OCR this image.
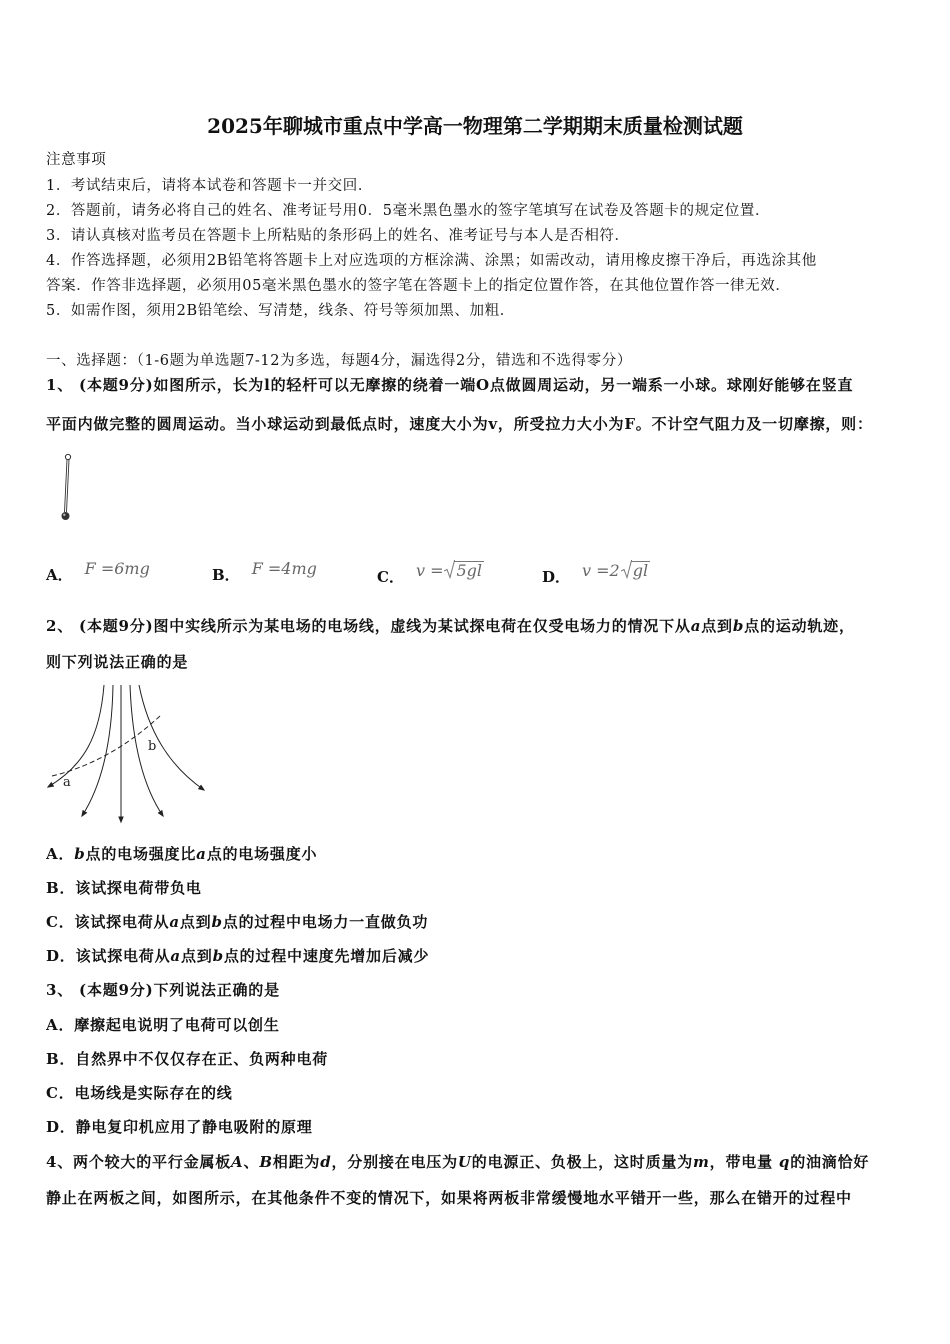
2025年聊城市重点中学高一物理第二学期期末质量检测试题
注意事项
1．考试结束后，请将本试卷和答题卡一并交回．
2．答题前，请务必将自己的姓名、准考证号用0．5毫米黑色墨水的签字笔填写在试卷及答题卡的规定位置．
3．请认真核对监考员在答题卡上所粘贴的条形码上的姓名、准考证号与本人是否相符．
4．作答选择题，必须用2B铅笔将答题卡上对应选项的方框涂满、涂黑；如需改动，请用橡皮擦干净后，再选涂其他
答案．作答非选择题，必须用05毫米黑色墨水的签字笔在答题卡上的指定位置作答，在其他位置作答一律无效．
5．如需作图，须用2B铅笔绘、写清楚，线条、符号等须加黑、加粗．
一、选择题：（1-6题为单选题7-12为多选，每题4分，漏选得2分，错选和不选得零分）
1、 (本题9分)如图所示，长为l的轻杆可以无摩擦的绕着一端O点做圆周运动，另一端系一小球。球刚好能够在竖直
平面内做完整的圆周运动。当小球运动到最低点时，速度大小为v，所受拉力大小为F。不计空气阻力及一切摩擦，则：
A． F =6mg	B． F =4mg	C． v = 5gl	D． v =2 gl
2、 (本题9分)图中实线所示为某电场的电场线，虚线为某试探电荷在仅受电场力的情况下从a点到b点的运动轨迹，
则下列说法正确的是
a
b
A．b点的电场强度比a点的电场强度小
B．该试探电荷带负电
C．该试探电荷从a点到b点的过程中电场力一直做负功
D．该试探电荷从a点到b点的过程中速度先增加后减少
3、 (本题9分)下列说法正确的是
A．摩擦起电说明了电荷可以创生
B．自然界中不仅仅存在正、负两种电荷
C．电场线是实际存在的线
D．静电复印机应用了静电吸附的原理
4、两个较大的平行金属板A、B相距为d，分别接在电压为U的电源正、负极上，这时质量为m，带电量 q的油滴恰好
静止在两板之间，如图所示，在其他条件不变的情况下，如果将两板非常缓慢地水平错开一些，那么在错开的过程中
